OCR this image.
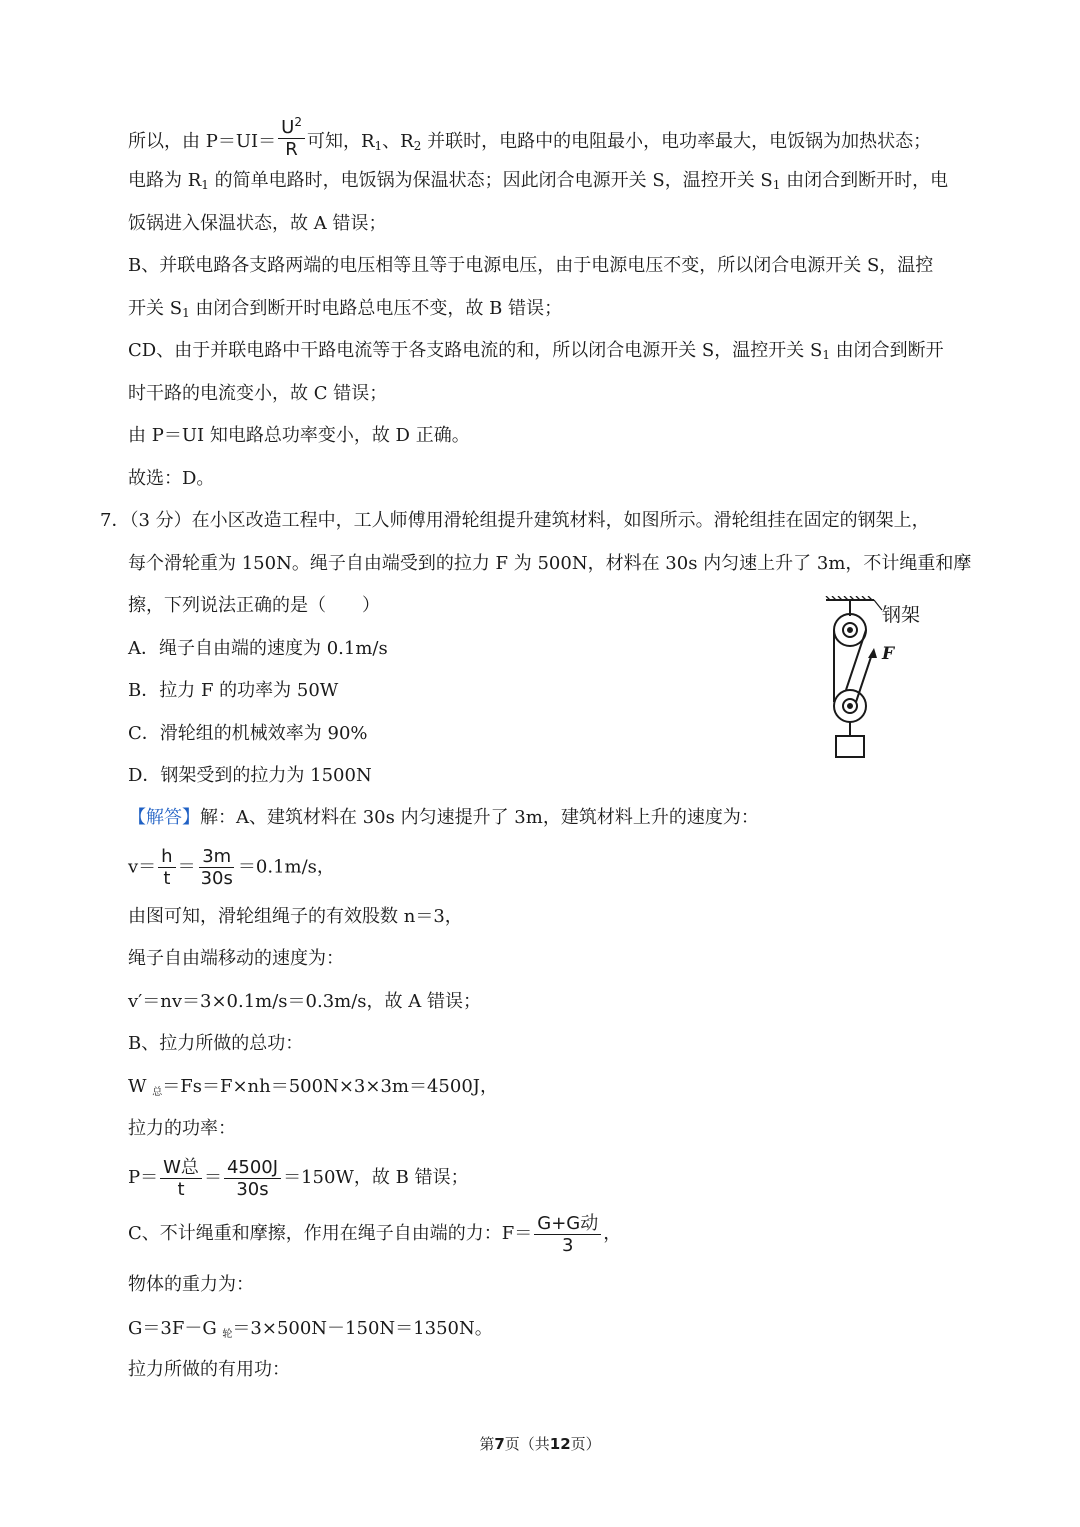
所以，由 $P=UI= \frac{U^2}{R}$ 可知，$R_1$、$R_2$ 并联时，电路中的电阻最小，电功率最大，电饭锅为加热状态；
电路为 $R_1$ 的简单电路时，电饭锅为保温状态；因此闭合电源开关 S，温控开关 $S_1$ 由闭合到断开时，电
饭锅进入保温状态，故 A 错误；
B、并联电路各支路两端的电压相等且等于电源电压，由于电源电压不变，所以闭合电源开关 S，温控
开关 $S_1$ 由闭合到断开时电路总电压不变，故 B 错误；
CD、由于并联电路中干路电流等于各支路电流的和，所以闭合电源开关 S，温控开关 $S_1$ 由闭合到断开
时干路的电流变小，故 C 错误；
由 P＝UI 知电路总功率变小，故 D 正确。
故选：D。
7．（3 分）在小区改造工程中，工人师傅用滑轮组提升建筑材料，如图所示。滑轮组挂在固定的钢架上，
每个滑轮重为 150N。绳子自由端受到的拉力 F 为 500N，材料在 30s 内匀速上升了 3m，不计绳重和摩
擦，下列说法正确的是（　　）
A．绳子自由端的速度为 0.1m/s
B．拉力 F 的功率为 50W
C．滑轮组的机械效率为 90%
D．钢架受到的拉力为 1500N
【解答】解：A、建筑材料在 30s 内匀速提升了 3m，建筑材料上升的速度为：
$v= \frac{h}{t} = \frac{3m}{30s} =0.1m/s$，
由图可知，滑轮组绳子的有效股数 n＝3，
绳子自由端移动的速度为：
v′＝nv＝3×0.1m/s＝0.3m/s，故 A 错误；
B、拉力所做的总功：
W $_总$＝Fs＝F×nh＝500N×3×3m＝4500J，
拉力的功率：
$P= \frac{\text{W总}}{t} = \frac{4500J}{30s} =150W$，故 B 错误；
C、不计绳重和摩擦，作用在绳子自由端的力：$F= \frac{\text{G+G动}}{3}$ ，
物体的重力为：
G＝3F－G $_轮$＝3×500N－150N＝1350N。
拉力所做的有用功：
钢架
F
第7页（共12页）
